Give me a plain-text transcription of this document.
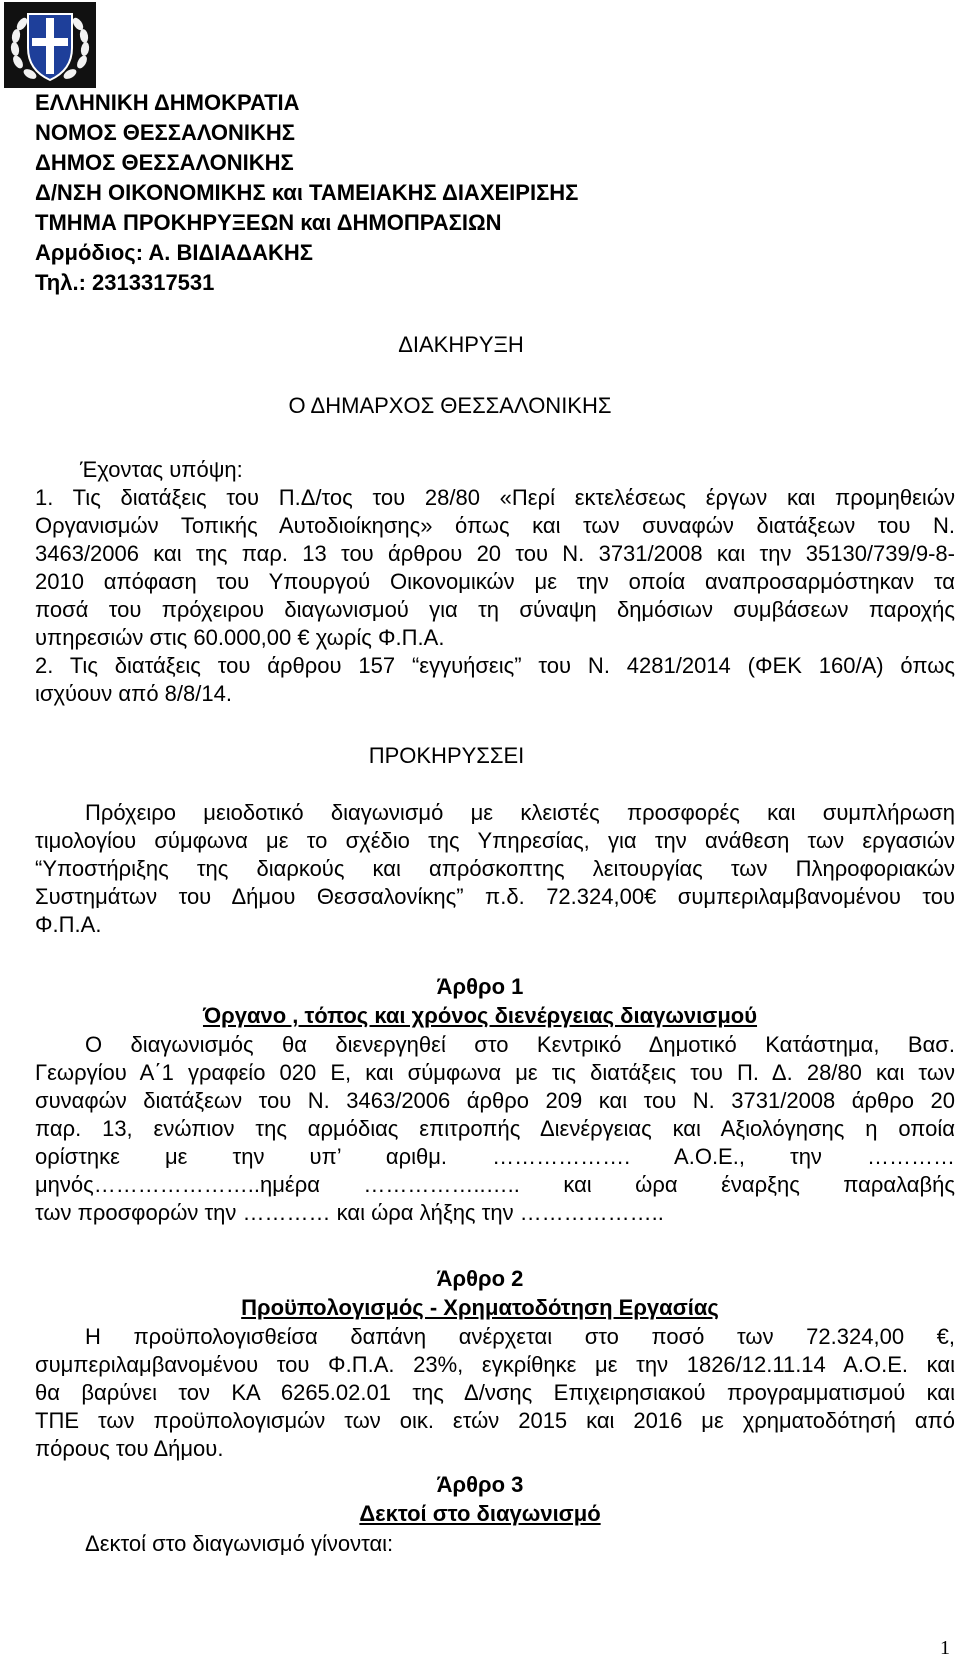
ΕΛΛΗΝΙΚΗ ΔΗΜΟΚΡΑΤΙΑ
ΝΟΜΟΣ ΘΕΣΣΑΛΟΝΙΚΗΣ
ΔΗΜΟΣ ΘΕΣΣΑΛΟΝΙΚΗΣ
Δ/ΝΣΗ ΟΙΚΟΝΟΜΙΚΗΣ και ΤΑΜΕΙΑΚΗΣ ΔΙΑΧΕΙΡΙΣΗΣ
ΤΜΗΜΑ ΠΡΟΚΗΡΥΞΕΩΝ και ΔΗΜΟΠΡΑΣΙΩΝ
Αρμόδιος: Α. ΒΙΔΙΑΔΑΚΗΣ
Τηλ.: 2313317531
ΔΙΑΚΗΡΥΞΗ
Ο ΔΗΜΑΡΧΟΣ ΘΕΣΣΑΛΟΝΙΚΗΣ
Έχοντας υπόψη:
1. Τις διατάξεις του Π.Δ/τος του 28/80 «Περί εκτελέσεως έργων και προμηθειών
Οργανισμών Τοπικής Αυτοδιοίκησης» όπως και των συναφών διατάξεων του Ν.
3463/2006 και της παρ. 13 του άρθρου 20 του Ν. 3731/2008 και την 35130/739/9-8-
2010 απόφαση του Υπουργού Οικονομικών με την οποία αναπροσαρμόστηκαν τα
ποσά του πρόχειρου διαγωνισμού για τη σύναψη δημόσιων συμβάσεων παροχής
υπηρεσιών στις 60.000,00 € χωρίς Φ.Π.Α.
2. Τις διατάξεις του άρθρου 157 “εγγυήσεις” του Ν. 4281/2014 (ΦΕΚ 160/Α) όπως
ισχύουν από 8/8/14.
ΠΡΟΚΗΡΥΣΣΕΙ
Πρόχειρο μειοδοτικό διαγωνισμό με κλειστές προσφορές και συμπλήρωση
τιμολογίου σύμφωνα με το σχέδιο της Υπηρεσίας, για την ανάθεση των εργασιών
“Υποστήριξης της διαρκούς και απρόσκοπτης λειτουργίας των Πληροφοριακών
Συστημάτων του Δήμου Θεσσαλονίκης” π.δ. 72.324,00€ συμπεριλαμβανομένου του
Φ.Π.Α.
Άρθρο 1
Όργανο , τόπος και χρόνος διενέργειας διαγωνισμού
Ο διαγωνισμός θα διενεργηθεί στο Κεντρικό Δημοτικό Κατάστημα, Βασ.
Γεωργίου Α΄1 γραφείο 020 Ε, και σύμφωνα με τις διατάξεις του Π. Δ. 28/80 και των
συναφών διατάξεων του Ν. 3463/2006 άρθρο 209 και του Ν. 3731/2008 άρθρο 20
παρ. 13, ενώπιον της αρμόδιας επιτροπής Διενέργειας και Αξιολόγησης η οποία
ορίστηκε με την υπ’ αριθμ. ………………. Α.Ο.Ε., την …………
μηνός…………………..ημέρα ……………..….. και ώρα έναρξης παραλαβής
των προσφορών την ………… και ώρα λήξης την ………………..
Άρθρο 2
Προϋπολογισμός - Χρηματοδότηση Εργασίας
Η προϋπολογισθείσα δαπάνη ανέρχεται στο ποσό των 72.324,00 €,
συμπεριλαμβανομένου του Φ.Π.Α. 23%, εγκρίθηκε με την 1826/12.11.14 Α.Ο.Ε. και
θα βαρύνει τον ΚΑ 6265.02.01 της Δ/νσης Επιχειρησιακού προγραμματισμού και
ΤΠΕ των προϋπολογισμών των οικ. ετών 2015 και 2016 με χρηματοδότησή από
πόρους του Δήμου.
Άρθρο 3
Δεκτοί στο διαγωνισμό
Δεκτοί στο διαγωνισμό γίνονται:
1
